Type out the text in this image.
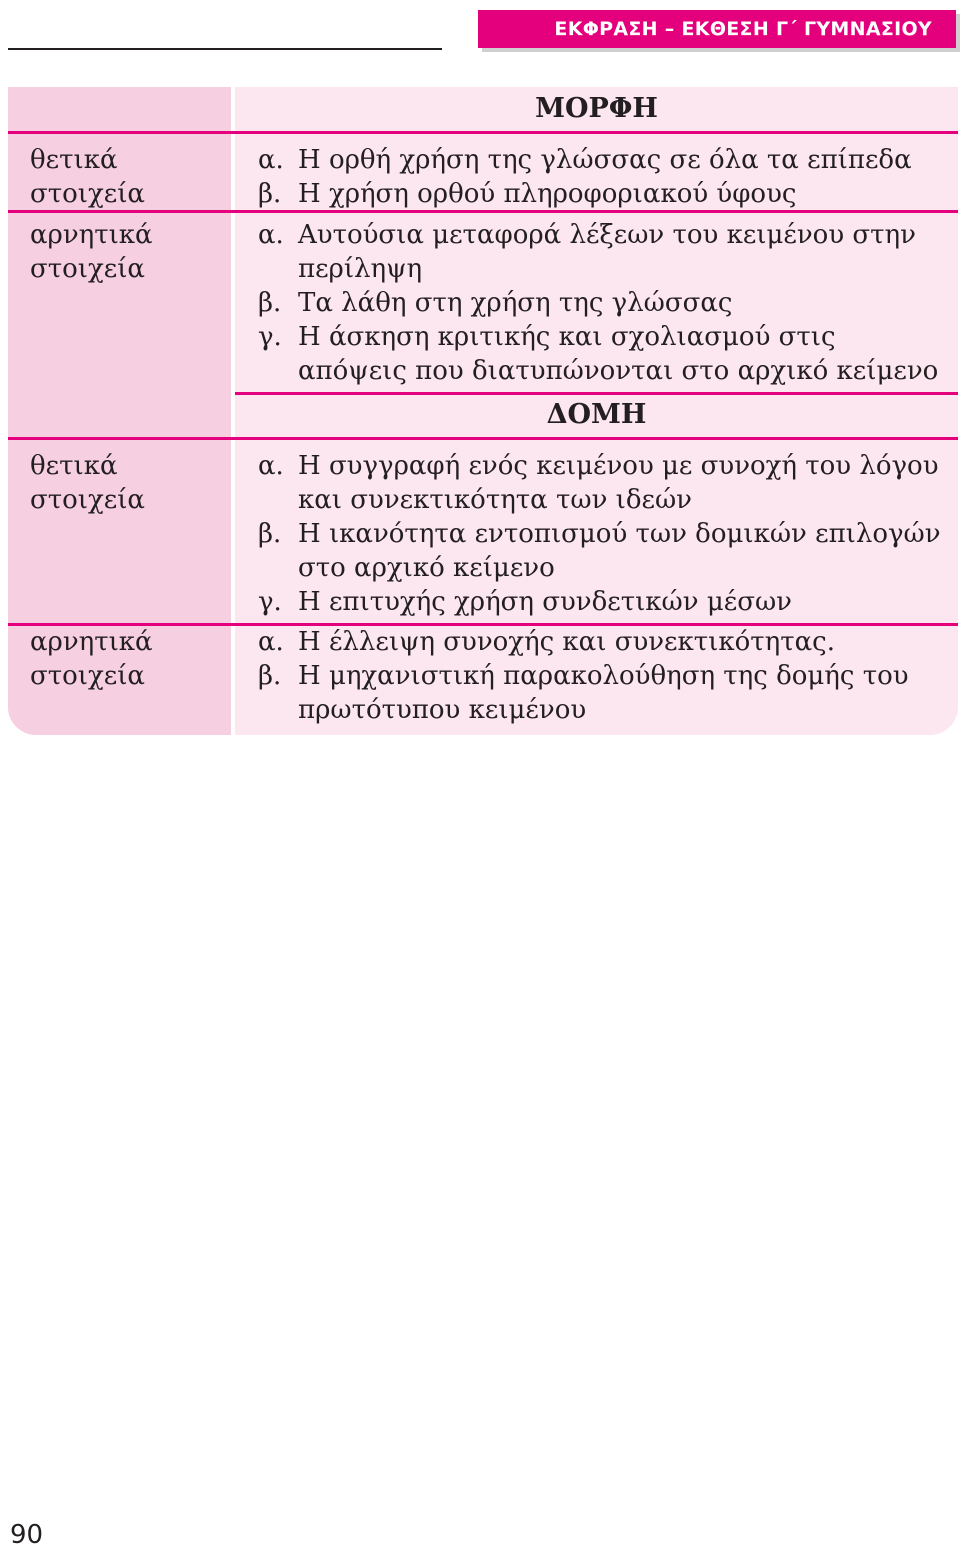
ΕΚΦΡΑΣΗ – ΕΚΘΕΣΗ Γ΄ ΓΥΜΝΑΣΙΟΥ
ΜΟΡΦΗ
θετικά στοιχεία
α. Η ορθή χρήση της γλώσσας σε όλα τα επίπεδα
β. Η χρήση ορθού πληροφοριακού ύφους
αρνητικά στοιχεία
α. Αυτούσια μεταφορά λέξεων του κειμένου στην περίληψη
β. Τα λάθη στη χρήση της γλώσσας
γ. Η άσκηση κριτικής και σχολιασμού στις απόψεις που διατυπώνονται στο αρχικό κείμενο
ΔΟΜΗ
θετικά στοιχεία
α. Η συγγραφή ενός κειμένου με συνοχή του λόγου και συνεκτικότητα των ιδεών
β. Η ικανότητα εντοπισμού των δομικών επιλογών στο αρχικό κείμενο
γ. Η επιτυχής χρήση συνδετικών μέσων
αρνητικά στοιχεία
α. Η έλλειψη συνοχής και συνεκτικότητας.
β. Η μηχανιστική παρακολούθηση της δομής του πρωτότυπου κειμένου
90
